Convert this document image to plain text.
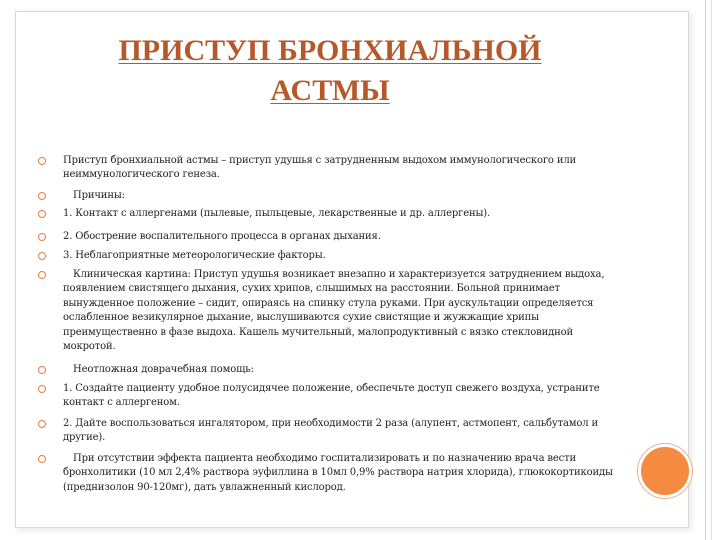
ПРИСТУП БРОНХИАЛЬНОЙ
АСТМЫ
Приступ бронхиальной астмы – приступ удушья с затрудненным выдохом иммунологического или неиммунологического генеза.
Причины:
1. Контакт с аллергенами (пылевые, пыльцевые, лекарственные и др. аллергены).
2. Обострение воспалительного процесса в органах дыхания.
3. Неблагоприятные метеорологические факторы.
Клиническая картина: Приступ удушья возникает внезапно и характеризуется затруднением выдоха, появлением свистящего дыхания, сухих хрипов, слышимых на расстоянии. Больной принимает вынужденное положение – сидит, опираясь на спинку стула руками. При аускультации определяется ослабленное везикулярное дыхание, выслушиваются сухие свистящие и жужжащие хрипы преимущественно в фазе выдоха. Кашель мучительный, малопродуктивный с вязко стекловидной мокротой.
Неотложная доврачебная помощь:
1. Создайте пациенту удобное полусидячее положение, обеспечьте доступ свежего воздуха, устраните контакт с аллергеном.
2. Дайте воспользоваться ингалятором, при необходимости 2 раза (алупент, астмопент, сальбутамол и другие).
При отсутствии эффекта пациента необходимо госпитализировать и по назначению врача вести бронхолитики (10 мл 2,4% раствора эуфиллина в 10мл 0,9% раствора натрия хлорида), глюкокортикоиды (преднизолон 90-120мг), дать увлажненный кислород.
